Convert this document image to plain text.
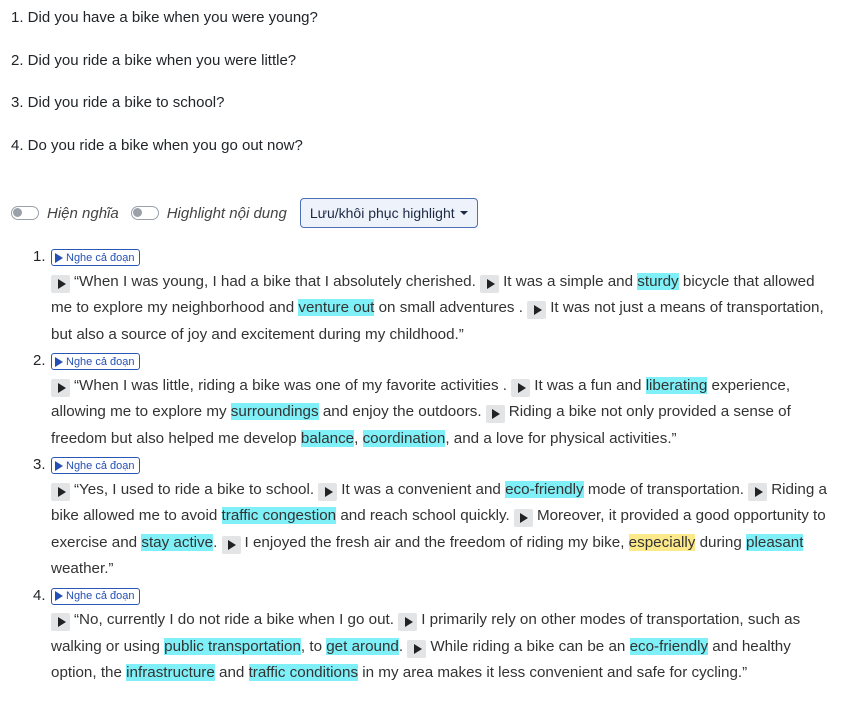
1. Did you have a bike when you were young?
2. Did you ride a bike when you were little?
3. Did you ride a bike to school?
4. Do you ride a bike when you go out now?
Hiện nghĩa	Highlight nội dung Lưu/khôi phục highlight
1. Nghe cả đoạn
“When I was young, I had a bike that I absolutely cherished.
It was a simple and sturdy bicycle that allowed me to explore my neighborhood and venture out on small adventures .
It was not just a means of transportation, but also a source of joy and excitement during my childhood.”
2. Nghe cả đoạn
“When I was little, riding a bike was one of my favorite activities .
It was a fun and liberating experience, allowing me to explore my surroundings and enjoy the outdoors.
Riding a bike not only provided a sense of freedom but also helped me develop balance, coordination, and a love for physical activities.”
3. Nghe cả đoạn
“Yes, I used to ride a bike to school.
It was a convenient and eco-friendly mode of transportation.
Riding a bike allowed me to avoid traffic congestion and reach school quickly.
Moreover, it provided a good opportunity to exercise and stay active.
I enjoyed the fresh air and the freedom of riding my bike, especially during pleasant weather.”
4. Nghe cả đoạn
“No, currently I do not ride a bike when I go out.
I primarily rely on other modes of transportation, such as walking or using public transportation, to get around.
While riding a bike can be an eco-friendly and healthy option, the infrastructure and traffic conditions in my area makes it less convenient and safe for cycling.”
